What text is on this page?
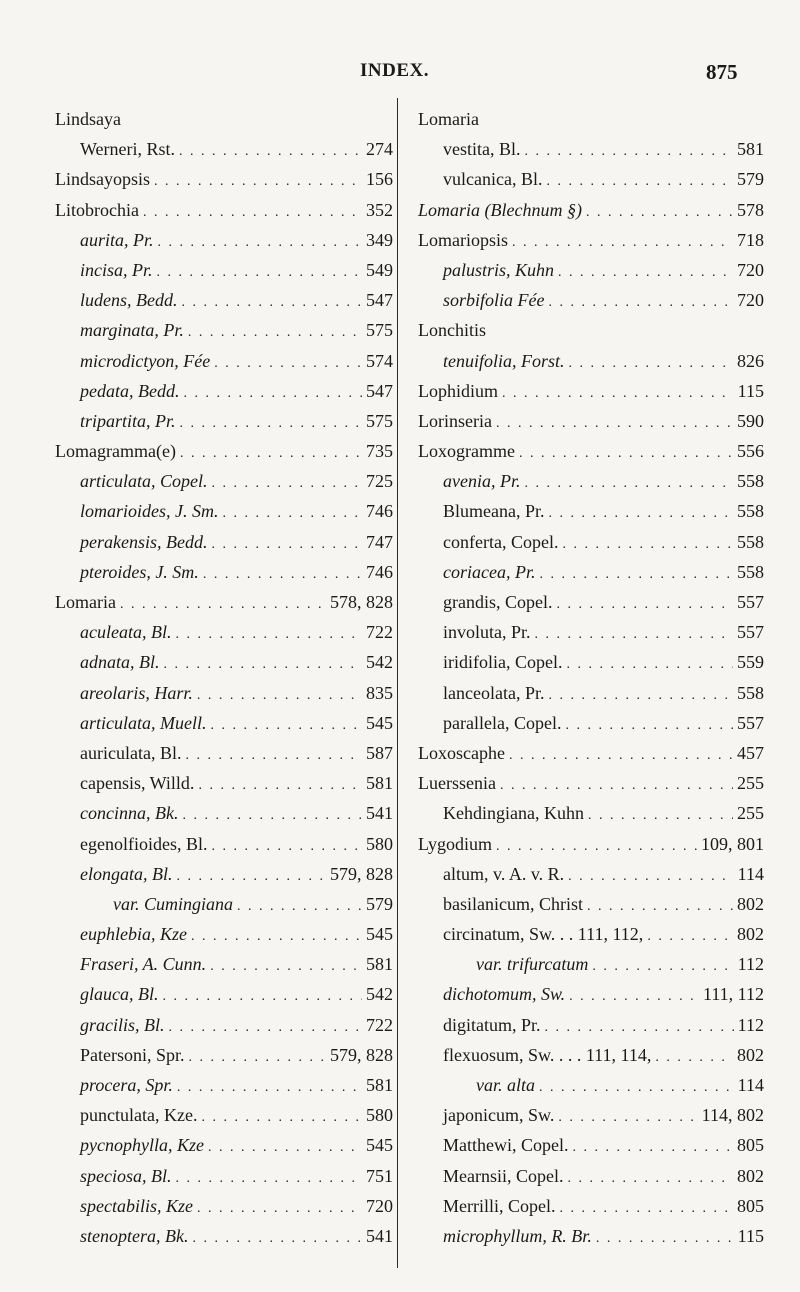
INDEX.	875
Lindsaya
Werneri, Rst. . . .	274
Lindsayopsis . . .	156
Litobrochia . . .	352
aurita, Pr. . . .	349
incisa, Pr. . . .	549
ludens, Bedd. . . .	547
marginata, Pr. . . .	575
microdictyon, Fée . . .	574
pedata, Bedd. . . .	547
tripartita, Pr. . . .	575
Lomagramma(e) . . .	735
articulata, Copel. . . .	725
lomarioides, J. Sm. . . .	746
perakensis, Bedd. . . .	747
pteroides, J. Sm. . . .	746
Lomaria . . .	578, 828
aculeata, Bl. . . .	722
adnata, Bl. . . .	542
areolaris, Harr. . . .	835
articulata, Muell. . . .	545
auriculata, Bl. . . .	587
capensis, Willd. . . .	581
concinna, Bk. . . .	541
egenolfioides, Bl. . . .	580
elongata, Bl. . . .	579, 828
var. Cumingiana . . .	579
euphlebia, Kze . . .	545
Fraseri, A. Cunn. . . .	581
glauca, Bl. . . .	542
gracilis, Bl. . . .	722
Patersoni, Spr. . . .	579, 828
procera, Spr. . . .	581
punctulata, Kze. . . .	580
pycnophylla, Kze . . .	545
speciosa, Bl. . . .	751
spectabilis, Kze . . .	720
stenoptera, Bk. . . .	541
Lomaria
vestita, Bl. . . .	581
vulcanica, Bl. . . .	579
Lomaria (Blechnum §) . . .	578
Lomariopsis . . .	718
palustris, Kuhn . . .	720
sorbifolia Fée . . .	720
Lonchitis
tenuifolia, Forst. . . .	826
Lophidium . . .	115
Lorinseria . . .	590
Loxogramme . . .	556
avenia, Pr. . . .	558
Blumeana, Pr. . . .	558
conferta, Copel. . . .	558
coriacea, Pr. . . .	558
grandis, Copel. . . .	557
involuta, Pr. . . .	557
iridifolia, Copel. . . .	559
lanceolata, Pr. . . .	558
parallela, Copel. . . .	557
Loxoscaphe . . .	457
Luerssenia . . .	255
Kehdingiana, Kuhn . . .	255
Lygodium . . .	109, 801
altum, v. A. v. R. . . .	114
basilanicum, Christ . . .	802
circinatum, Sw. . . 111, 112, . . .	802
var. trifurcatum . . .	112
dichotomum, Sw. . . .	111, 112
digitatum, Pr. . . .	112
flexuosum, Sw. . . . 111, 114, . . .	802
var. alta . . .	114
japonicum, Sw. . . .	114, 802
Matthewi, Copel. . . .	805
Mearnsii, Copel. . . .	802
Merrilli, Copel. . . .	805
microphyllum, R. Br. . . .	115
